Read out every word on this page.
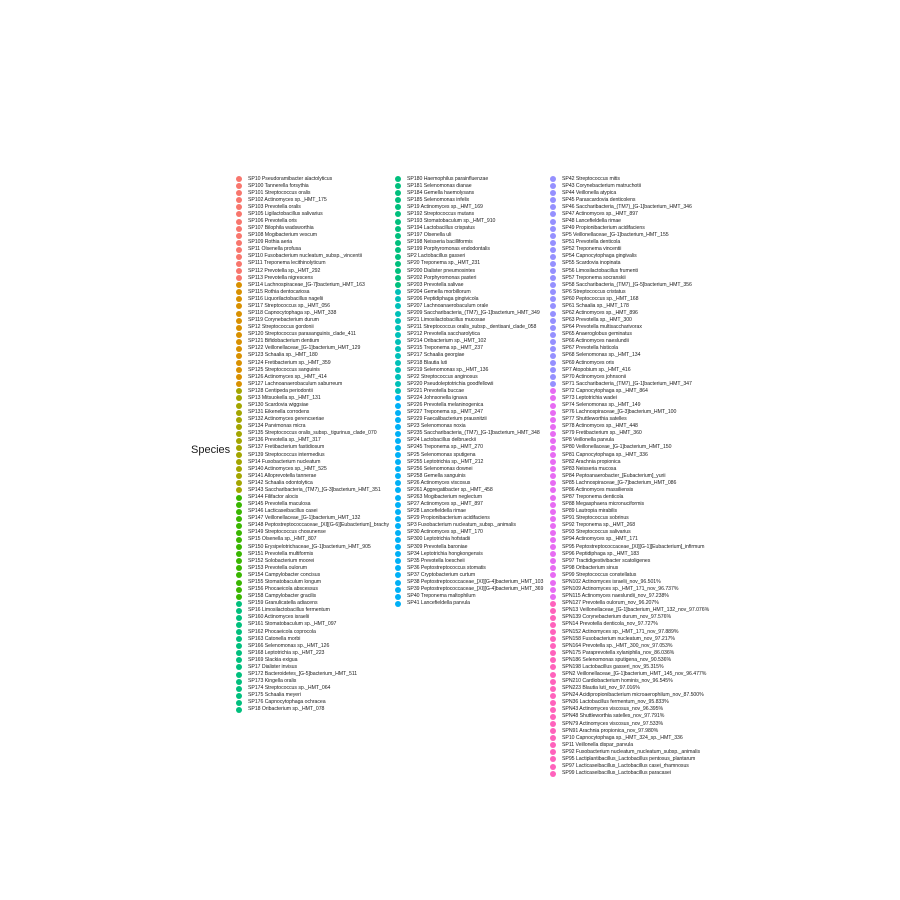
Species
SP10 Pseudoramibacter alactolyticus
SP100 Tannerella forsythia
SP101 Streptococcus oralis
SP102 Actinomyces sp._HMT_175
SP103 Prevotella oralis
SP105 Ligilactobacillus salivarius
SP106 Prevotella oris
SP107 Bilophila wadsworthia
SP108 Mogibacterium vescum
SP109 Rothia aeria
SP11 Olsenella profusa
SP110 Fusobacterium nucleatum_subsp._vincentii
SP111 Treponema lecithinolyticum
SP112 Prevotella sp._HMT_292
SP113 Prevotella nigrescens
SP114 Lachnospiraceae_[G-7]bacterium_HMT_163
SP115 Rothia dentocariosa
SP116 Liquorilactobacillus nagelii
SP117 Streptococcus sp._HMT_056
SP118 Capnocytophaga sp._HMT_338
SP119 Corynebacterium durum
SP12 Streptococcus gordonii
SP120 Streptococcus parasanguinis_clade_411
SP121 Bifidobacterium dentium
SP122 Veillonellaceae_[G-1]bacterium_HMT_129
SP123 Schaalia sp._HMT_180
SP124 Fretibacterium sp._HMT_359
SP125 Streptococcus sanguinis
SP126 Actinomyces sp._HMT_414
SP127 Lachnoanaerobaculum saburreum
SP128 Centipeda periodontii
SP13 Mitsuokella sp._HMT_131
SP130 Scardovia wiggsiae
SP131 Eikenella corrodens
SP132 Actinomyces gerencseriae
SP134 Parvimonas micra
SP135 Streptococcus oralis_subsp._tigurinus_clade_070
SP136 Prevotella sp._HMT_317
SP137 Fretibacterium fastidiosum
SP139 Streptococcus intermedius
SP14 Fusobacterium nucleatum
SP140 Actinomyces sp._HMT_525
SP141 Alloprevotella tannerae
SP142 Schaalia odontolytica
SP143 Saccharibacteria_(TM7)_[G-3]bacterium_HMT_351
SP144 Filifactor alocis
SP145 Prevotella maculosa
SP146 Lacticaseibacillus casei
SP147 Veillonellaceae_[G-1]bacterium_HMT_132
SP148 Peptostreptococcaceae_[XI][G-6][Eubacterium]_brachy
SP149 Streptococcus chosunense
SP15 Olsenella sp._HMT_807
SP150 Erysipelotrichaceae_[G-1]bacterium_HMT_905
SP151 Prevotella multiformis
SP152 Solobacterium moorei
SP153 Prevotella oulorum
SP154 Campylobacter concisus
SP155 Stomatobaculum longum
SP156 Phocaeicola abscessus
SP158 Campylobacter gracilis
SP159 Granulicatella adiacens
SP16 Limosilactobacillus fermentum
SP160 Actinomyces israelii
SP161 Stomatobaculum sp._HMT_097
SP162 Phocaeicola coprocola
SP163 Catonella morbi
SP166 Selenomonas sp._HMT_126
SP168 Leptotrichia sp._HMT_223
SP169 Slackia exigua
SP17 Dialister invisus
SP172 Bacteroidetes_[G-5]bacterium_HMT_511
SP173 Kingella oralis
SP174 Streptococcus sp._HMT_064
SP175 Schaalia meyeri
SP176 Capnocytophaga ochracea
SP18 Oribacterium sp._HMT_078
SP180 Haemophilus parainfluenzae
SP181 Selenomonas dianae
SP184 Gemella haemolysans
SP185 Selenomonas infelix
SP19 Actinomyces sp._HMT_169
SP192 Streptococcus mutans
SP193 Stomatobaculum sp._HMT_910
SP194 Lactobacillus crispatus
SP197 Olsenella uli
SP198 Neisseria bacilliformis
SP199 Porphyromonas endodontalis
SP2 Lactobacillus gasseri
SP20 Treponema sp._HMT_231
SP200 Dialister pneumosintes
SP202 Porphyromonas pasteri
SP203 Prevotella salivae
SP204 Gemella morbillorum
SP206 Peptidiphaga gingivicola
SP207 Lachnoanaerobaculum orale
SP209 Saccharibacteria_(TM7)_[G-1]bacterium_HMT_349
SP21 Limosilactobacillus mucosae
SP211 Streptococcus oralis_subsp._dentisani_clade_058
SP212 Prevotella saccharolytica
SP214 Oribacterium sp._HMT_102
SP215 Treponema sp._HMT_237
SP217 Schaalia georgiae
SP218 Blautia luti
SP219 Selenomonas sp._HMT_136
SP22 Streptococcus anginosus
SP220 Pseudoleptotrichia goodfellowii
SP221 Prevotella buccae
SP224 Johnsonella ignava
SP226 Prevotella melaninogenica
SP227 Treponema sp._HMT_247
SP229 Faecalibacterium prausnitzii
SP23 Selenomonas noxia
SP235 Saccharibacteria_(TM7)_[G-1]bacterium_HMT_348
SP24 Lactobacillus delbrueckii
SP245 Treponema sp._HMT_270
SP25 Selenomonas sputigena
SP255 Leptotrichia sp._HMT_212
SP256 Selenomonas downei
SP258 Gemella sanguinis
SP26 Actinomyces viscosus
SP261 Aggregatibacter sp._HMT_458
SP263 Mogibacterium neglectum
SP27 Actinomyces sp._HMT_897
SP28 Lancefieldella rimae
SP29 Propionibacterium acidifaciens
SP3 Fusobacterium nucleatum_subsp._animalis
SP30 Actinomyces sp._HMT_170
SP300 Leptotrichia hofstadii
SP309 Prevotella baroniae
SP34 Leptotrichia hongkongensis
SP35 Prevotella loescheii
SP36 Peptostreptococcus stomatis
SP37 Cryptobacterium curtum
SP38 Peptostreptococcaceae_[XI][G-4]bacterium_HMT_103
SP39 Peptostreptococcaceae_[XI][G-4]bacterium_HMT_369
SP40 Treponema maltophilum
SP41 Lancefieldella parvula
SP42 Streptococcus mitis
SP43 Corynebacterium matruchotii
SP44 Veillonella atypica
SP45 Parascardovia denticolens
SP46 Saccharibacteria_(TM7)_[G-1]bacterium_HMT_346
SP47 Actinomyces sp._HMT_897
SP48 Lancefieldella rimae
SP49 Propionibacterium acidifaciens
SP5 Veillonellaceae_[G-1]bacterium_HMT_155
SP51 Prevotella denticola
SP52 Treponema vincentii
SP54 Capnocytophaga gingivalis
SP55 Scardovia inopinata
SP56 Limosilactobacillus frumenti
SP57 Treponema socranskii
SP58 Saccharibacteria_(TM7)_[G-5]bacterium_HMT_356
SP6 Streptococcus cristatus
SP60 Peptococcus sp._HMT_168
SP61 Schaalia sp._HMT_178
SP62 Actinomyces sp._HMT_896
SP63 Prevotella sp._HMT_300
SP64 Prevotella multisaccharivorax
SP65 Anaeroglobus geminatus
SP66 Actinomyces naeslundii
SP67 Prevotella histicola
SP68 Selenomonas sp._HMT_134
SP69 Actinomyces oris
SP7 Atopobium sp._HMT_416
SP70 Actinomyces johnsonii
SP71 Saccharibacteria_(TM7)_[G-1]bacterium_HMT_347
SP72 Capnocytophaga sp._HMT_864
SP73 Leptotrichia wadei
SP74 Selenomonas sp._HMT_149
SP76 Lachnospiraceae_[G-3]bacterium_HMT_100
SP77 Shuttleworthia satelles
SP78 Actinomyces sp._HMT_448
SP79 Fretibacterium sp._HMT_360
SP8 Veillonella parvula
SP80 Veillonellaceae_[G-1]bacterium_HMT_150
SP81 Capnocytophaga sp._HMT_336
SP82 Arachnia propionica
SP83 Neisseria mucosa
SP84 Peptoanaerobacter_[Eubacterium]_yurii
SP85 Lachnospiraceae_[G-7]bacterium_HMT_086
SP86 Actinomyces massiliensis
SP87 Treponema denticola
SP88 Megasphaera micronuciformis
SP89 Lautropia mirabilis
SP91 Streptococcus sobrinus
SP92 Treponema sp._HMT_268
SP93 Streptococcus salivarius
SP94 Actinomyces sp._HMT_171
SP95 Peptostreptococcaceae_[XI][G-1][Eubacterium]_infirmum
SP96 Peptidiphaga sp._HMT_183
SP97 Tractidigestivibacter scatoligenes
SP98 Oribacterium sinus
SP99 Streptococcus constellatus
SPN102 Actinomyces israelii_nov_96.501%
SPN109 Actinomyces sp._HMT_171_nov_96.737%
SPN115 Actinomyces naeslundii_nov_97.238%
SPN127 Prevotella oulorum_nov_96.207%
SPN13 Veillonellaceae_[G-1]bacterium_HMT_132_nov_97.076%
SPN139 Corynebacterium durum_nov_97.576%
SPN14 Prevotella denticola_nov_97.727%
SPN152 Actinomyces sp._HMT_171_nov_97.889%
SPN158 Fusobacterium nucleatum_nov_97.217%
SPN164 Prevotella sp._HMT_300_nov_97.053%
SPN175 Paraprevotella xylaniphila_nov_86.036%
SPN186 Selenomonas sputigena_nov_90.536%
SPN198 Lactobacillus gasseri_nov_95.315%
SPN2 Veillonellaceae_[G-1]bacterium_HMT_145_nov_96.477%
SPN210 Cardiobacterium hominis_nov_96.545%
SPN223 Blautia luti_nov_97.016%
SPN24 Acidipropionibacterium microaerophilum_nov_87.500%
SPN36 Lactobacillus fermentum_nov_95.833%
SPN43 Actinomyces viscosus_nov_96.395%
SPN48 Shuttleworthia satelles_nov_97.791%
SPN79 Actinomyces viscosus_nov_97.533%
SPN91 Arachnia propionica_nov_97.980%
SP10 Capnocytophaga sp._HMT_324_sp._HMT_336
SP11 Veillonella dispar_parvula
SP92 Fusobacterium nucleatum_nucleatum_subsp._animalis
SP95 Lactiplantibacillus_Lactobacillus pentosus_plantarum
SP97 Lacticaseibacillus_Lactobacillus casei_rhamnosus
SP99 Lacticaseibacillus_Lactobacillus paracasei
